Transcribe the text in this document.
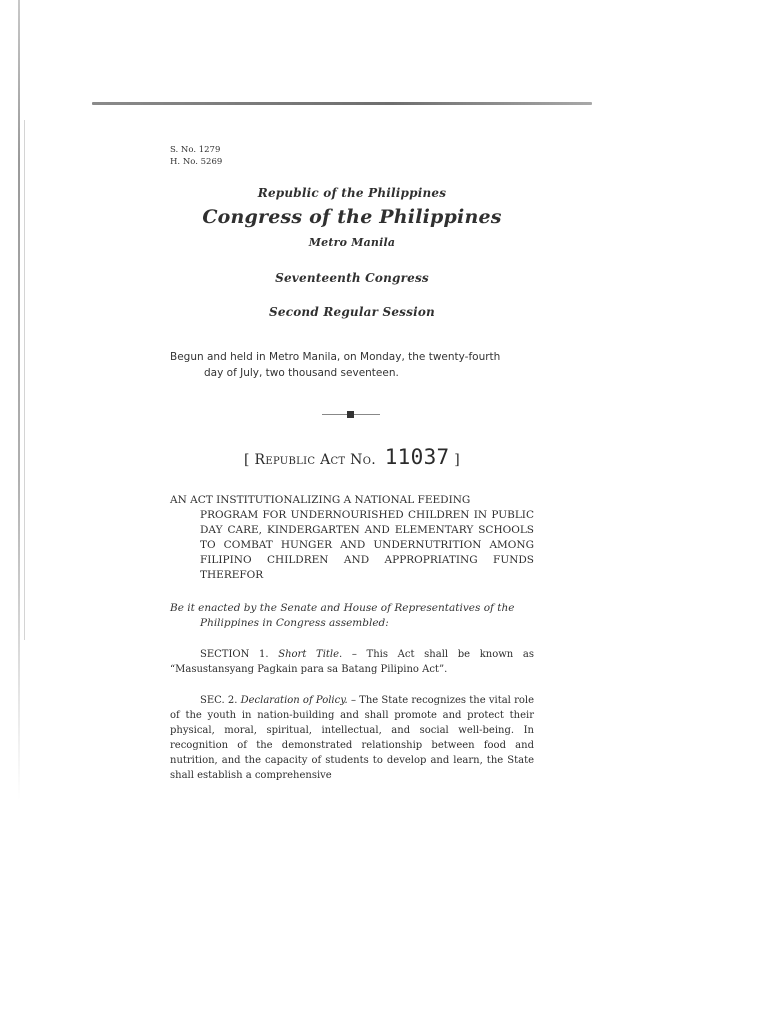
S. No. 1279
H. No. 5269
Republic of the Philippines
Congress of the Philippines
Metro Manila
Seventeenth Congress
Second Regular Session
Begun and held in Metro Manila, on Monday, the twenty-fourth
day of July, two thousand seventeen.
[ Republic Act No. 11037 ]
AN ACT INSTITUTIONALIZING A NATIONAL FEEDING
PROGRAM FOR UNDERNOURISHED CHILDREN IN PUBLIC DAY CARE, KINDERGARTEN AND ELEMENTARY SCHOOLS TO COMBAT HUNGER AND UNDERNUTRITION AMONG FILIPINO CHILDREN AND APPROPRIATING FUNDS THEREFOR
Be it enacted by the Senate and House of Representatives of the
Philippines in Congress assembled:
SECTION 1. Short Title. – This Act shall be known as “Masustansyang Pagkain para sa Batang Pilipino Act”.
SEC. 2. Declaration of Policy. – The State recognizes the vital role of the youth in nation-building and shall promote and protect their physical, moral, spiritual, intellectual, and social well-being. In recognition of the demonstrated relationship between food and nutrition, and the capacity of students to develop and learn, the State shall establish a comprehensive
